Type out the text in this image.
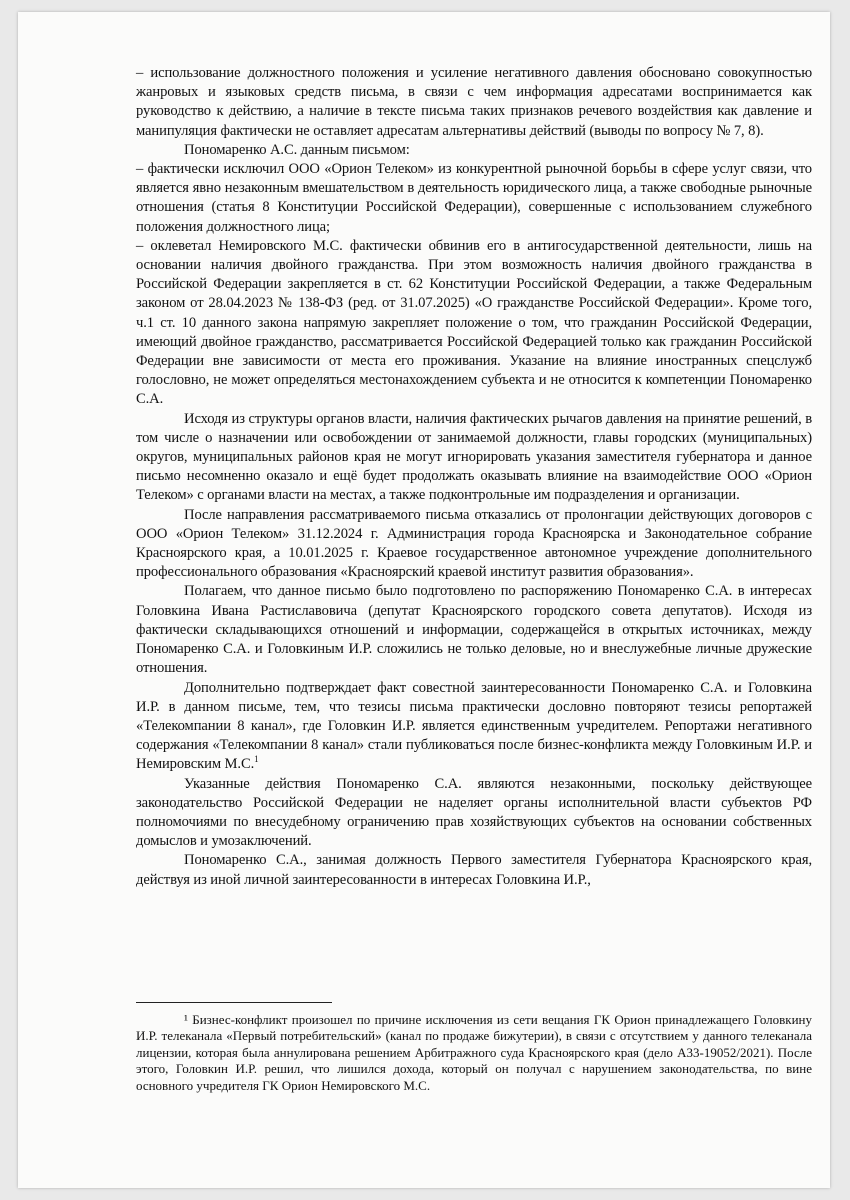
– использование должностного положения и усиление негативного давления обосновано совокупностью жанровых и языковых средств письма, в связи с чем информация адресатами воспринимается как руководство к действию, а наличие в тексте письма таких признаков речевого воздействия как давление и манипуляция фактически не оставляет адресатам альтернативы действий (выводы по вопросу № 7, 8).

Пономаренко А.С. данным письмом:

– фактически исключил ООО «Орион Телеком» из конкурентной рыночной борьбы в сфере услуг связи, что является явно незаконным вмешательством в деятельность юридического лица, а также свободные рыночные отношения (статья 8 Конституции Российской Федерации), совершенные с использованием служебного положения должностного лица;

– оклеветал Немировского М.С. фактически обвинив его в антигосударственной деятельности, лишь на основании наличия двойного гражданства. При этом возможность наличия двойного гражданства в Российской Федерации закрепляется в ст. 62 Конституции Российской Федерации, а также Федеральным законом от 28.04.2023 № 138-ФЗ (ред. от 31.07.2025) «О гражданстве Российской Федерации». Кроме того, ч.1 ст. 10 данного закона напрямую закрепляет положение о том, что гражданин Российской Федерации, имеющий двойное гражданство, рассматривается Российской Федерацией только как гражданин Российской Федерации вне зависимости от места его проживания. Указание на влияние иностранных спецслужб голословно, не может определяться местонахождением субъекта и не относится к компетенции Пономаренко С.А.

Исходя из структуры органов власти, наличия фактических рычагов давления на принятие решений, в том числе о назначении или освобождении от занимаемой должности, главы городских (муниципальных) округов, муниципальных районов края не могут игнорировать указания заместителя губернатора и данное письмо несомненно оказало и ещё будет продолжать оказывать влияние на взаимодействие ООО «Орион Телеком» с органами власти на местах, а также подконтрольные им подразделения и организации.

После направления рассматриваемого письма отказались от пролонгации действующих договоров с ООО «Орион Телеком» 31.12.2024 г. Администрация города Красноярска и Законодательное собрание Красноярского края, а 10.01.2025 г. Краевое государственное автономное учреждение дополнительного профессионального образования «Красноярский краевой институт развития образования».

Полагаем, что данное письмо было подготовлено по распоряжению Пономаренко С.А. в интересах Головкина Ивана Растиславовича (депутат Красноярского городского совета депутатов). Исходя из фактически складывающихся отношений и информации, содержащейся в открытых источниках, между Пономаренко С.А. и Головкиным И.Р. сложились не только деловые, но и внеслужебные личные дружеские отношения.

Дополнительно подтверждает факт совестной заинтересованности Пономаренко С.А. и Головкина И.Р. в данном письме, тем, что тезисы письма практически дословно повторяют тезисы репортажей «Телекомпании 8 канал», где Головкин И.Р. является единственным учредителем. Репортажи негативного содержания «Телекомпании 8 канал» стали публиковаться после бизнес-конфликта между Головкиным И.Р. и Немировским М.С.$^1$

Указанные действия Пономаренко С.А. являются незаконными, поскольку действующее законодательство Российской Федерации не наделяет органы исполнительной власти субъектов РФ полномочиями по внесудебному ограничению прав хозяйствующих субъектов на основании собственных домыслов и умозаключений.

Пономаренко С.А., занимая должность Первого заместителя Губернатора Красноярского края, действуя из иной личной заинтересованности в интересах Головкина И.Р.,

¹ Бизнес-конфликт произошел по причине исключения из сети вещания ГК Орион принадлежащего Головкину И.Р. телеканала «Первый потребительский» (канал по продаже бижутерии), в связи с отсутствием у данного телеканала лицензии, которая была аннулирована решением Арбитражного суда Красноярского края (дело А33-19052/2021). После этого, Головкин И.Р. решил, что лишился дохода, который он получал с нарушением законодательства, по вине основного учредителя ГК Орион Немировского М.С.
